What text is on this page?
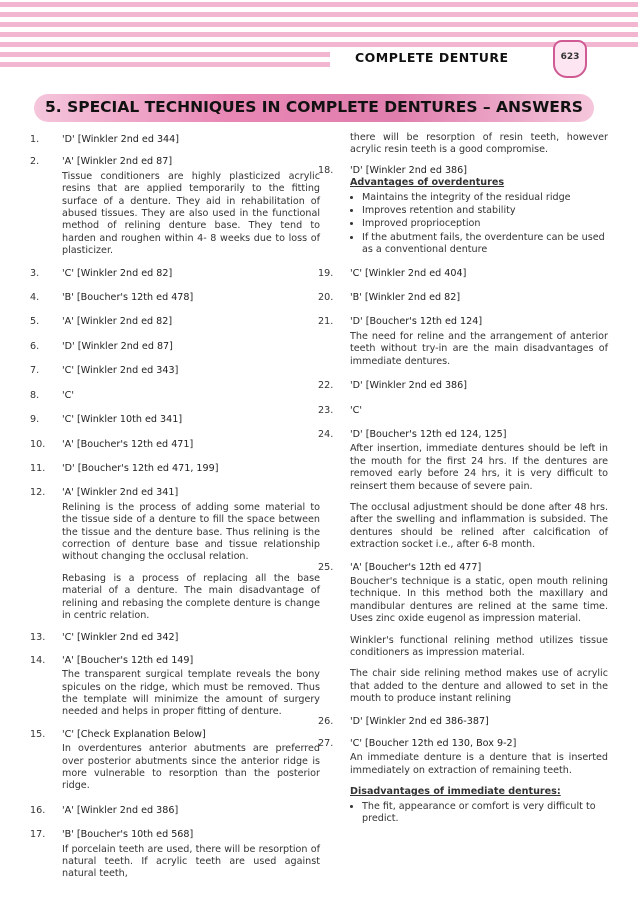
COMPLETE DENTURE	623
5. SPECIAL TECHNIQUES IN COMPLETE DENTURES – ANSWERS
1.	'D' [Winkler 2nd ed 344]
2.	'A' [Winkler 2nd ed 87]
Tissue conditioners are highly plasticized acrylic resins that are applied temporarily to the fitting surface of a denture. They aid in rehabilitation of abused tissues. They are also used in the functional method of relining denture base. They tend to harden and roughen within 4- 8 weeks due to loss of plasticizer.
3.	'C' [Winkler 2nd ed 82]
4.	'B' [Boucher's 12th ed 478]
5.	'A' [Winkler 2nd ed 82]
6.	'D' [Winkler 2nd ed 87]
7.	'C' [Winkler 2nd ed 343]
8.	'C'
9.	'C' [Winkler 10th ed 341]
10.	'A' [Boucher's 12th ed 471]
11.	'D' [Boucher's 12th ed 471, 199]
12.	'A' [Winkler 2nd ed 341]
Relining is the process of adding some material to the tissue side of a denture to fill the space between the tissue and the denture base. Thus relining is the correction of denture base and tissue relationship without changing the occlusal relation.
Rebasing is a process of replacing all the base material of a denture. The main disadvantage of relining and rebasing the complete denture is change in centric relation.
13.	'C' [Winkler 2nd ed 342]
14.	'A' [Boucher's 12th ed 149]
The transparent surgical template reveals the bony spicules on the ridge, which must be removed. Thus the template will minimize the amount of surgery needed and helps in proper fitting of denture.
15.	'C' [Check Explanation Below]
In overdentures anterior abutments are preferred over posterior abutments since the anterior ridge is more vulnerable to resorption than the posterior ridge.
16.	'A' [Winkler 2nd ed 386]
17.	'B' [Boucher's 10th ed 568]
If porcelain teeth are used, there will be resorption of natural teeth. If acrylic teeth are used against natural teeth,
there will be resorption of resin teeth, however acrylic resin teeth is a good compromise.
18.	'D' [Winkler 2nd ed 386]
Advantages of overdentures
• Maintains the integrity of the residual ridge
• Improves retention and stability
• Improved proprioception
• If the abutment fails, the overdenture can be used as a conventional denture
19.	'C' [Winkler 2nd ed 404]
20.	'B' [Winkler 2nd ed 82]
21.	'D' [Boucher's 12th ed 124]
The need for reline and the arrangement of anterior teeth without try-in are the main disadvantages of immediate dentures.
22.	'D' [Winkler 2nd ed 386]
23.	'C'
24.	'D' [Boucher's 12th ed 124, 125]
After insertion, immediate dentures should be left in the mouth for the first 24 hrs. If the dentures are removed early before 24 hrs, it is very difficult to reinsert them because of severe pain.
The occlusal adjustment should be done after 48 hrs. after the swelling and inflammation is subsided. The dentures should be relined after calcification of extraction socket i.e., after 6-8 month.
25.	'A' [Boucher's 12th ed 477]
Boucher's technique is a static, open mouth relining technique. In this method both the maxillary and mandibular dentures are relined at the same time. Uses zinc oxide eugenol as impression material.
Winkler's functional relining method utilizes tissue conditioners as impression material.
The chair side relining method makes use of acrylic that added to the denture and allowed to set in the mouth to produce instant relining
26.	'D' [Winkler 2nd ed 386-387]
27.	'C' [Boucher 12th ed 130, Box 9-2]
An immediate denture is a denture that is inserted immediately on extraction of remaining teeth.
Disadvantages of immediate dentures:
• The fit, appearance or comfort is very difficult to predict.
